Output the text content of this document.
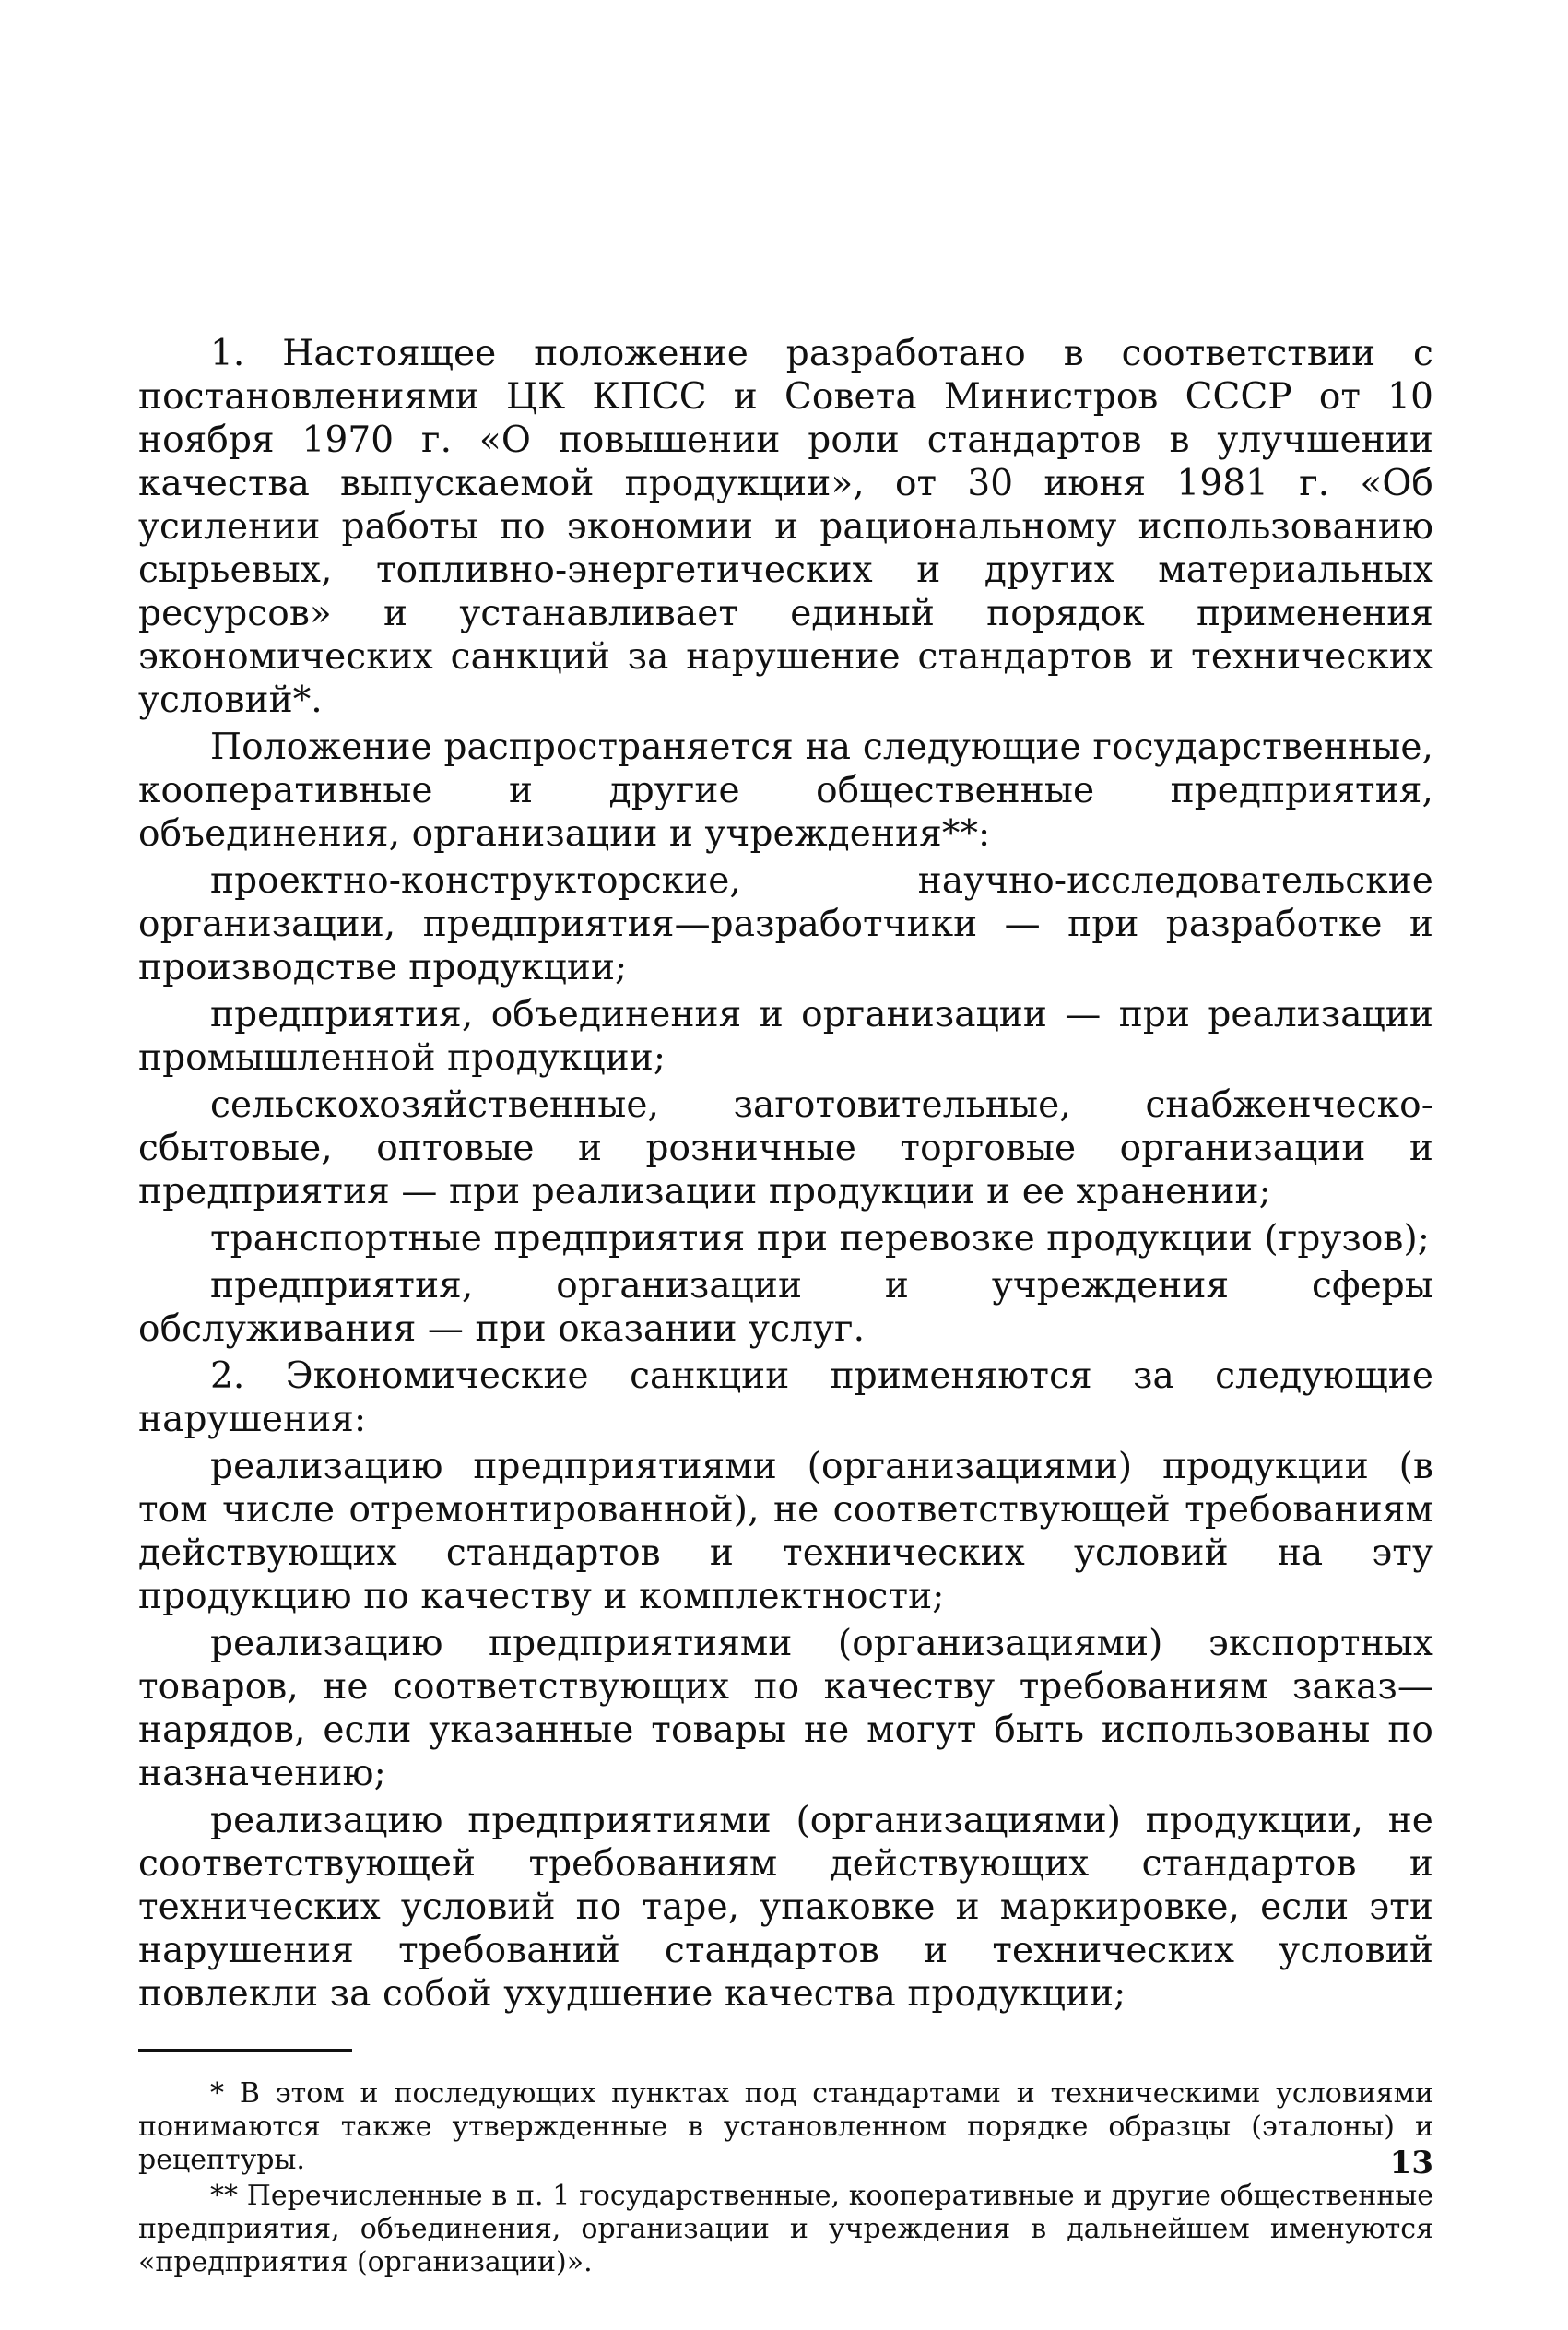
1. Настоящее положение разработано в соответствии с постановлениями ЦК КПСС и Совета Министров СССР от 10 ноября 1970 г. «О повышении роли стандартов в улучшении качества выпускаемой продукции», от 30 июня 1981 г. «Об усилении работы по экономии и рациональному использованию сырьевых, топливно-энергетических и других материальных ресурсов» и устанавливает единый порядок применения экономических санкций за нарушение стандартов и технических условий*.

Положение распространяется на следующие государственные, кооперативные и другие общественные предприятия, объединения, организации и учреждения**:

проектно-конструкторские, научно-исследовательские организации, предприятия—разработчики — при разработке и производстве продукции;

предприятия, объединения и организации — при реализации промышленной продукции;

сельскохозяйственные, заготовительные, снабженческо-сбытовые, оптовые и розничные торговые организации и предприятия — при реализации продукции и ее хранении;

транспортные предприятия при перевозке продукции (грузов);

предприятия, организации и учреждения сферы обслуживания — при оказании услуг.

2. Экономические санкции применяются за следующие нарушения:

реализацию предприятиями (организациями) продукции (в том числе отремонтированной), не соответствующей требованиям действующих стандартов и технических условий на эту продукцию по качеству и комплектности;

реализацию предприятиями (организациями) экспортных товаров, не соответствующих по качеству требованиям заказ—нарядов, если указанные товары не могут быть использованы по назначению;

реализацию предприятиями (организациями) продукции, не соответствующей требованиям действующих стандартов и технических условий по таре, упаковке и маркировке, если эти нарушения требований стандартов и технических условий повлекли за собой ухудшение качества продукции;

* В этом и последующих пунктах под стандартами и техническими условиями понимаются также утвержденные в установленном порядке образцы (эталоны) и рецептуры.

** Перечисленные в п. 1 государственные, кооперативные и другие общественные предприятия, объединения, организации и учреждения в дальнейшем именуются «предприятия (организации)».

13
